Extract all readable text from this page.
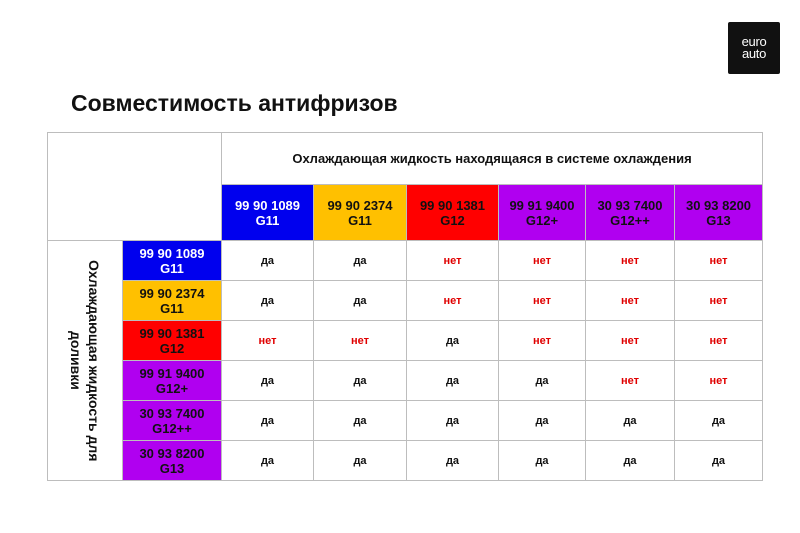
euro
auto
Совместимость антифризов
		Охлаждающая жидкость находящаяся в системе охлаждения					

		99 90 1089
G11	99 90 2374
G11	99 90 1381
G12	99 91 9400
G12+	30 93 7400
G12++	30 93 8200
G13

Охлаждающая жидкость для доливки	99 90 1089
G11	да	да	нет	нет	нет	нет

	99 90 2374
G11	да	да	нет	нет	нет	нет

	99 90 1381
G12	нет	нет	да	нет	нет	нет

	99 91 9400
G12+	да	да	да	да	нет	нет

	30 93 7400
G12++	да	да	да	да	да	да

	30 93 8200
G13	да	да	да	да	да	да
